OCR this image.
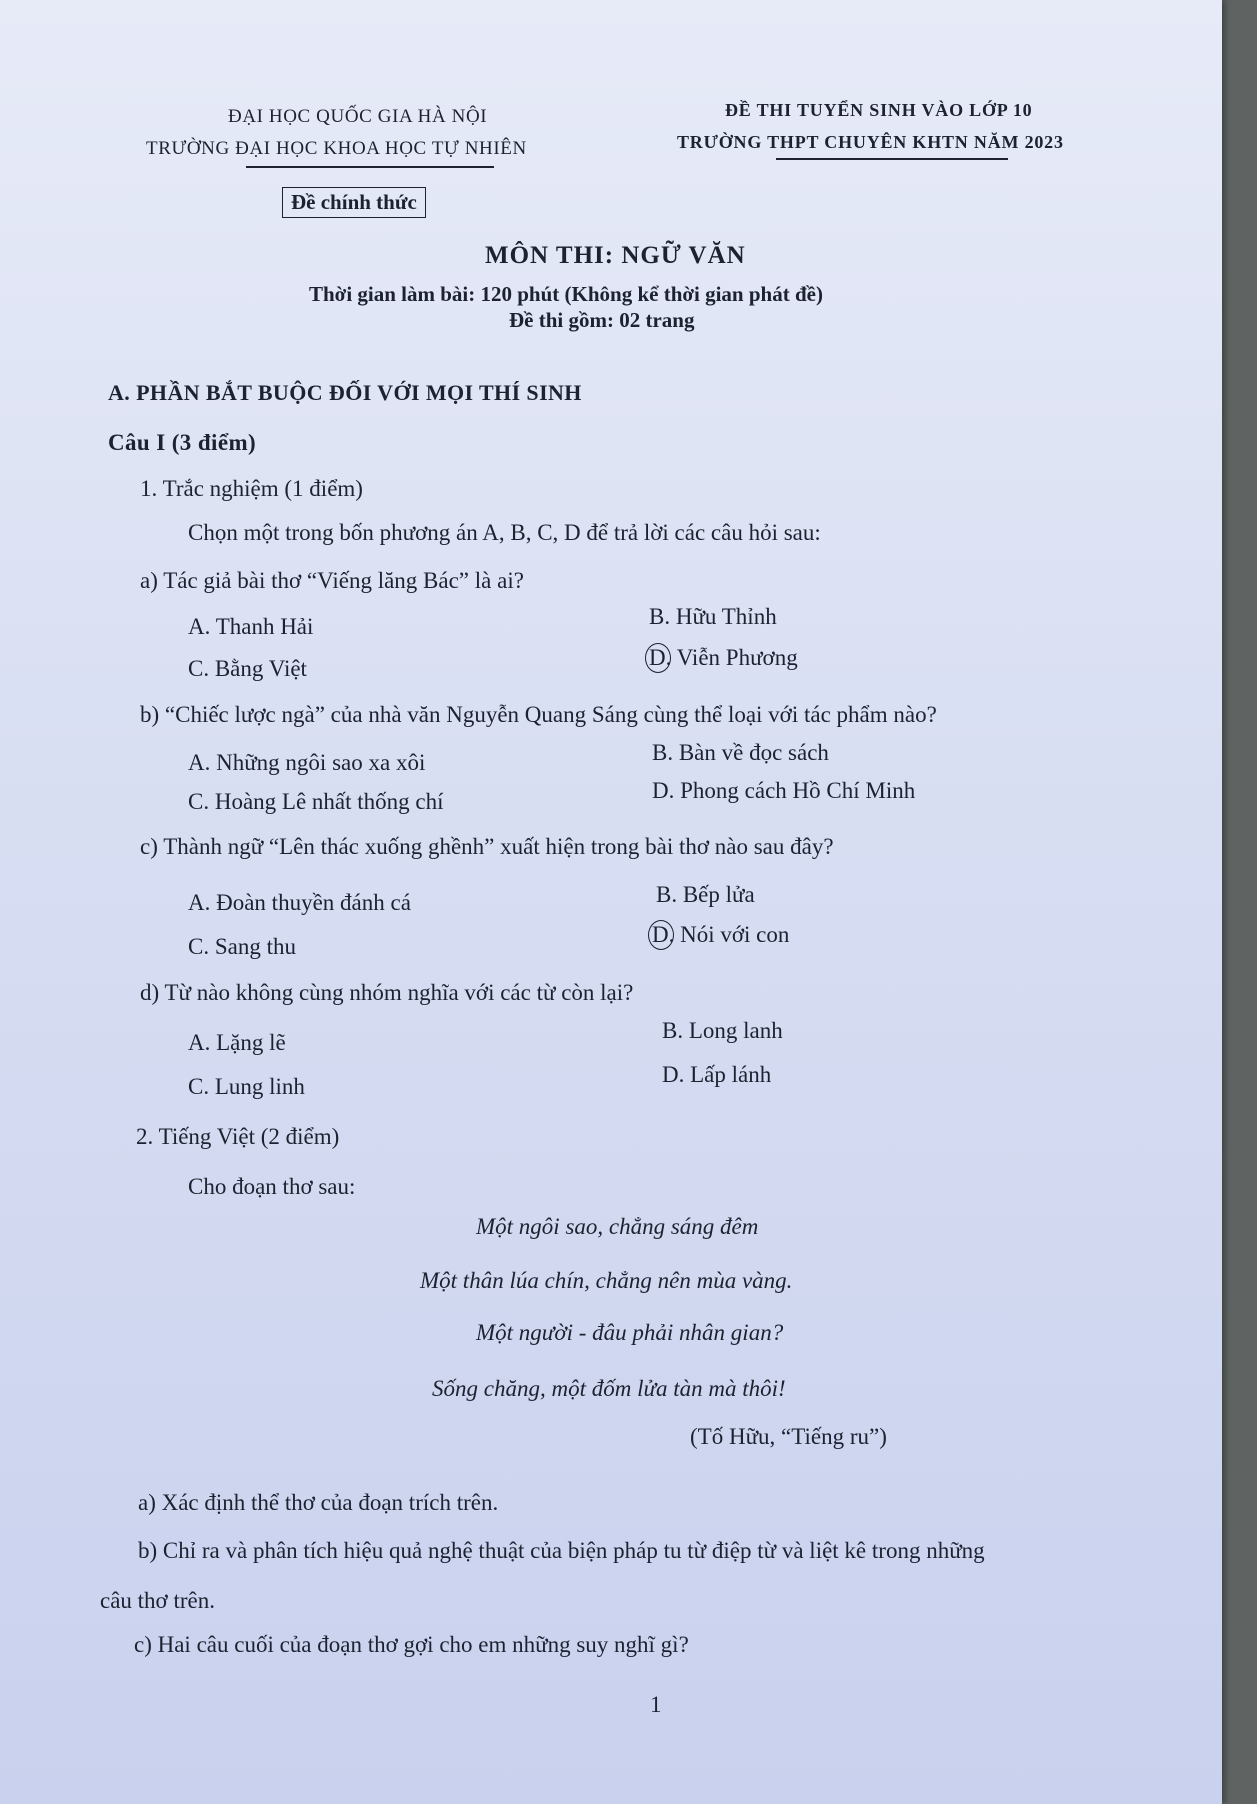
ĐẠI HỌC QUỐC GIA HÀ NỘI
TRƯỜNG ĐẠI HỌC KHOA HỌC TỰ NHIÊN
ĐỀ THI TUYỂN SINH VÀO LỚP 10
TRƯỜNG THPT CHUYÊN KHTN NĂM 2023
Đề chính thức
MÔN THI: NGỮ VĂN
Thời gian làm bài: 120 phút (Không kể thời gian phát đề)
Đề thi gồm: 02 trang
A. PHẦN BẮT BUỘC ĐỐI VỚI MỌI THÍ SINH
Câu I (3 điểm)
1. Trắc nghiệm (1 điểm)
Chọn một trong bốn phương án A, B, C, D để trả lời các câu hỏi sau:
a) Tác giả bài thơ “Viếng lăng Bác” là ai?
A. Thanh Hải	B. Hữu Thỉnh
C. Bằng Việt	D. Viễn Phương
b) “Chiếc lược ngà” của nhà văn Nguyễn Quang Sáng cùng thể loại với tác phẩm nào?
A. Những ngôi sao xa xôi	B. Bàn về đọc sách
C. Hoàng Lê nhất thống chí	D. Phong cách Hồ Chí Minh
c) Thành ngữ “Lên thác xuống ghềnh” xuất hiện trong bài thơ nào sau đây?
A. Đoàn thuyền đánh cá	B. Bếp lửa
C. Sang thu	D. Nói với con
d) Từ nào không cùng nhóm nghĩa với các từ còn lại?
A. Lặng lẽ	B. Long lanh
C. Lung linh	D. Lấp lánh
2. Tiếng Việt (2 điểm)
Cho đoạn thơ sau:
Một ngôi sao, chẳng sáng đêm
Một thân lúa chín, chẳng nên mùa vàng.
Một người - đâu phải nhân gian?
Sống chăng, một đốm lửa tàn mà thôi!
(Tố Hữu, “Tiếng ru”)
a) Xác định thể thơ của đoạn trích trên.
b) Chỉ ra và phân tích hiệu quả nghệ thuật của biện pháp tu từ điệp từ và liệt kê trong những
câu thơ trên.
c) Hai câu cuối của đoạn thơ gợi cho em những suy nghĩ gì?
1
